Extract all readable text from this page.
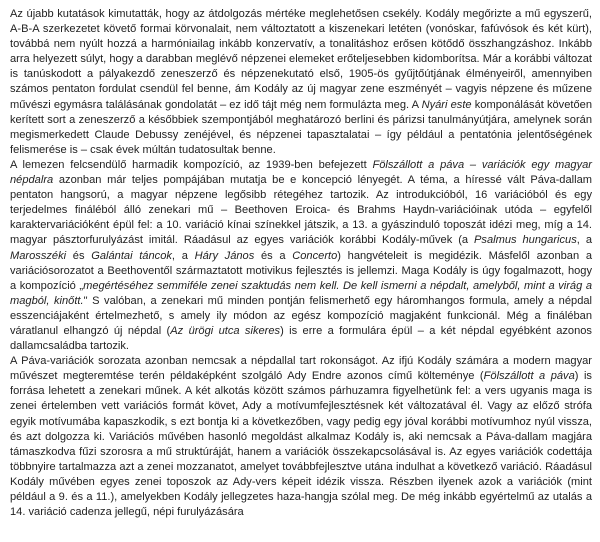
Az újabb kutatások kimutatták, hogy az átdolgozás mértéke meglehetősen csekély. Kodály megőrizte a mű egyszerű, A-B-A szerkezetet követő formai körvonalait, nem változtatott a kiszenekari letéten (vonóskar, fafúvósok és két kürt), továbbá nem nyúlt hozzá a harmóniailag inkább konzervatív, a tonalitáshoz erősen kötődő összhangzáshoz. Inkább arra helyezett súlyt, hogy a darabban meglévő népzenei elemeket erőteljesebben kidomborítsa. Már a korábbi változat is tanúskodott a pályakezdő zeneszerző és népzenekutató első, 1905-ös gyűjtőútjának élményeiről, amennyiben számos pentaton fordulat csendül fel benne, ám Kodály az új magyar zene eszményét – vagyis népzene és műzene művészi egymásra találásának gondolatát – ez idő tájt még nem formulázta meg. A Nyári este komponálását követően kerített sort a zeneszerző a későbbiek szempontjából meghatározó berlini és párizsi tanulmányútjára, amelynek során megismerkedett Claude Debussy zenéjével, és népzenei tapasztalatai – így például a pentatónia jelentőségének felismerése is – csak évek múltán tudatosultak benne.

A lemezen felcsendülő harmadik kompozíció, az 1939-ben befejezett Fölszállott a páva – variációk egy magyar népdalra azonban már teljes pompájában mutatja be e koncepció lényegét. A téma, a híressé vált Páva-dallam pentaton hangsorú, a magyar népzene legősibb rétegéhez tartozik. Az introdukcióból, 16 variációból és egy terjedelmes fináléból álló zenekari mű – Beethoven Eroica- és Brahms Haydn-variációinak utóda – egyfelől karaktervariációként épül fel: a 10. variáció kínai színekkel játszik, a 13. a gyászinduló toposzát idézi meg, míg a 14. magyar pásztorfurulyázást imitál. Ráadásul az egyes variációk korábbi Kodály-művek (a Psalmus hungaricus, a Marosszéki és Galántai táncok, a Háry János és a Concerto) hangvételeit is megidézik. Másfelől azonban a variációsorozatot a Beethoventől származtatott motivikus fejlesztés is jellemzi. Maga Kodály is úgy fogalmazott, hogy a kompozíció „megértéséhez semmiféle zenei szaktudás nem kell. De kell ismerni a népdalt, amelyből, mint a virág a magból, kinőtt." S valóban, a zenekari mű minden pontján felismerhető egy háromhangos formula, amely a népdal esszenciájaként értelmezhető, s amely ily módon az egész kompozíció magjaként funkcionál. Még a fináléban váratlanul elhangzó új népdal (Az ürögi utca sikeres) is erre a formulára épül – a két népdal egyébként azonos dallamcsaládba tartozik.

A Páva-variációk sorozata azonban nemcsak a népdallal tart rokonságot. Az ifjú Kodály számára a modern magyar művészet megteremtése terén példaképként szolgáló Ady Endre azonos című költeménye (Fölszállott a páva) is forrása lehetett a zenekari műnek. A két alkotás között számos párhuzamra figyelhetünk fel: a vers ugyanis maga is zenei értelemben vett variációs formát követ, Ady a motívumfejlesztésnek két változatával él. Vagy az előző strófa egyik motívumába kapaszkodik, s ezt bontja ki a következőben, vagy pedig egy jóval korábbi motívumhoz nyúl vissza, és azt dolgozza ki. Variációs művében hasonló megoldást alkalmaz Kodály is, aki nemcsak a Páva-dallam magjára támaszkodva fűzi szorosra a mű struktúráját, hanem a variációk összekapcsolásával is. Az egyes variációk codettája többnyire tartalmazza azt a zenei mozzanatot, amelyet továbbfejlesztve utána indulhat a következő variáció. Ráadásul Kodály művében egyes zenei toposzok az Ady-vers képeit idézik vissza. Részben ilyenek azok a variációk (mint például a 9. és a 11.), amelyekben Kodály jellegzetes haza-hangja szólal meg. De még inkább egyértelmű az utalás a 14. variáció cadenza jellegű, népi furulyázására
